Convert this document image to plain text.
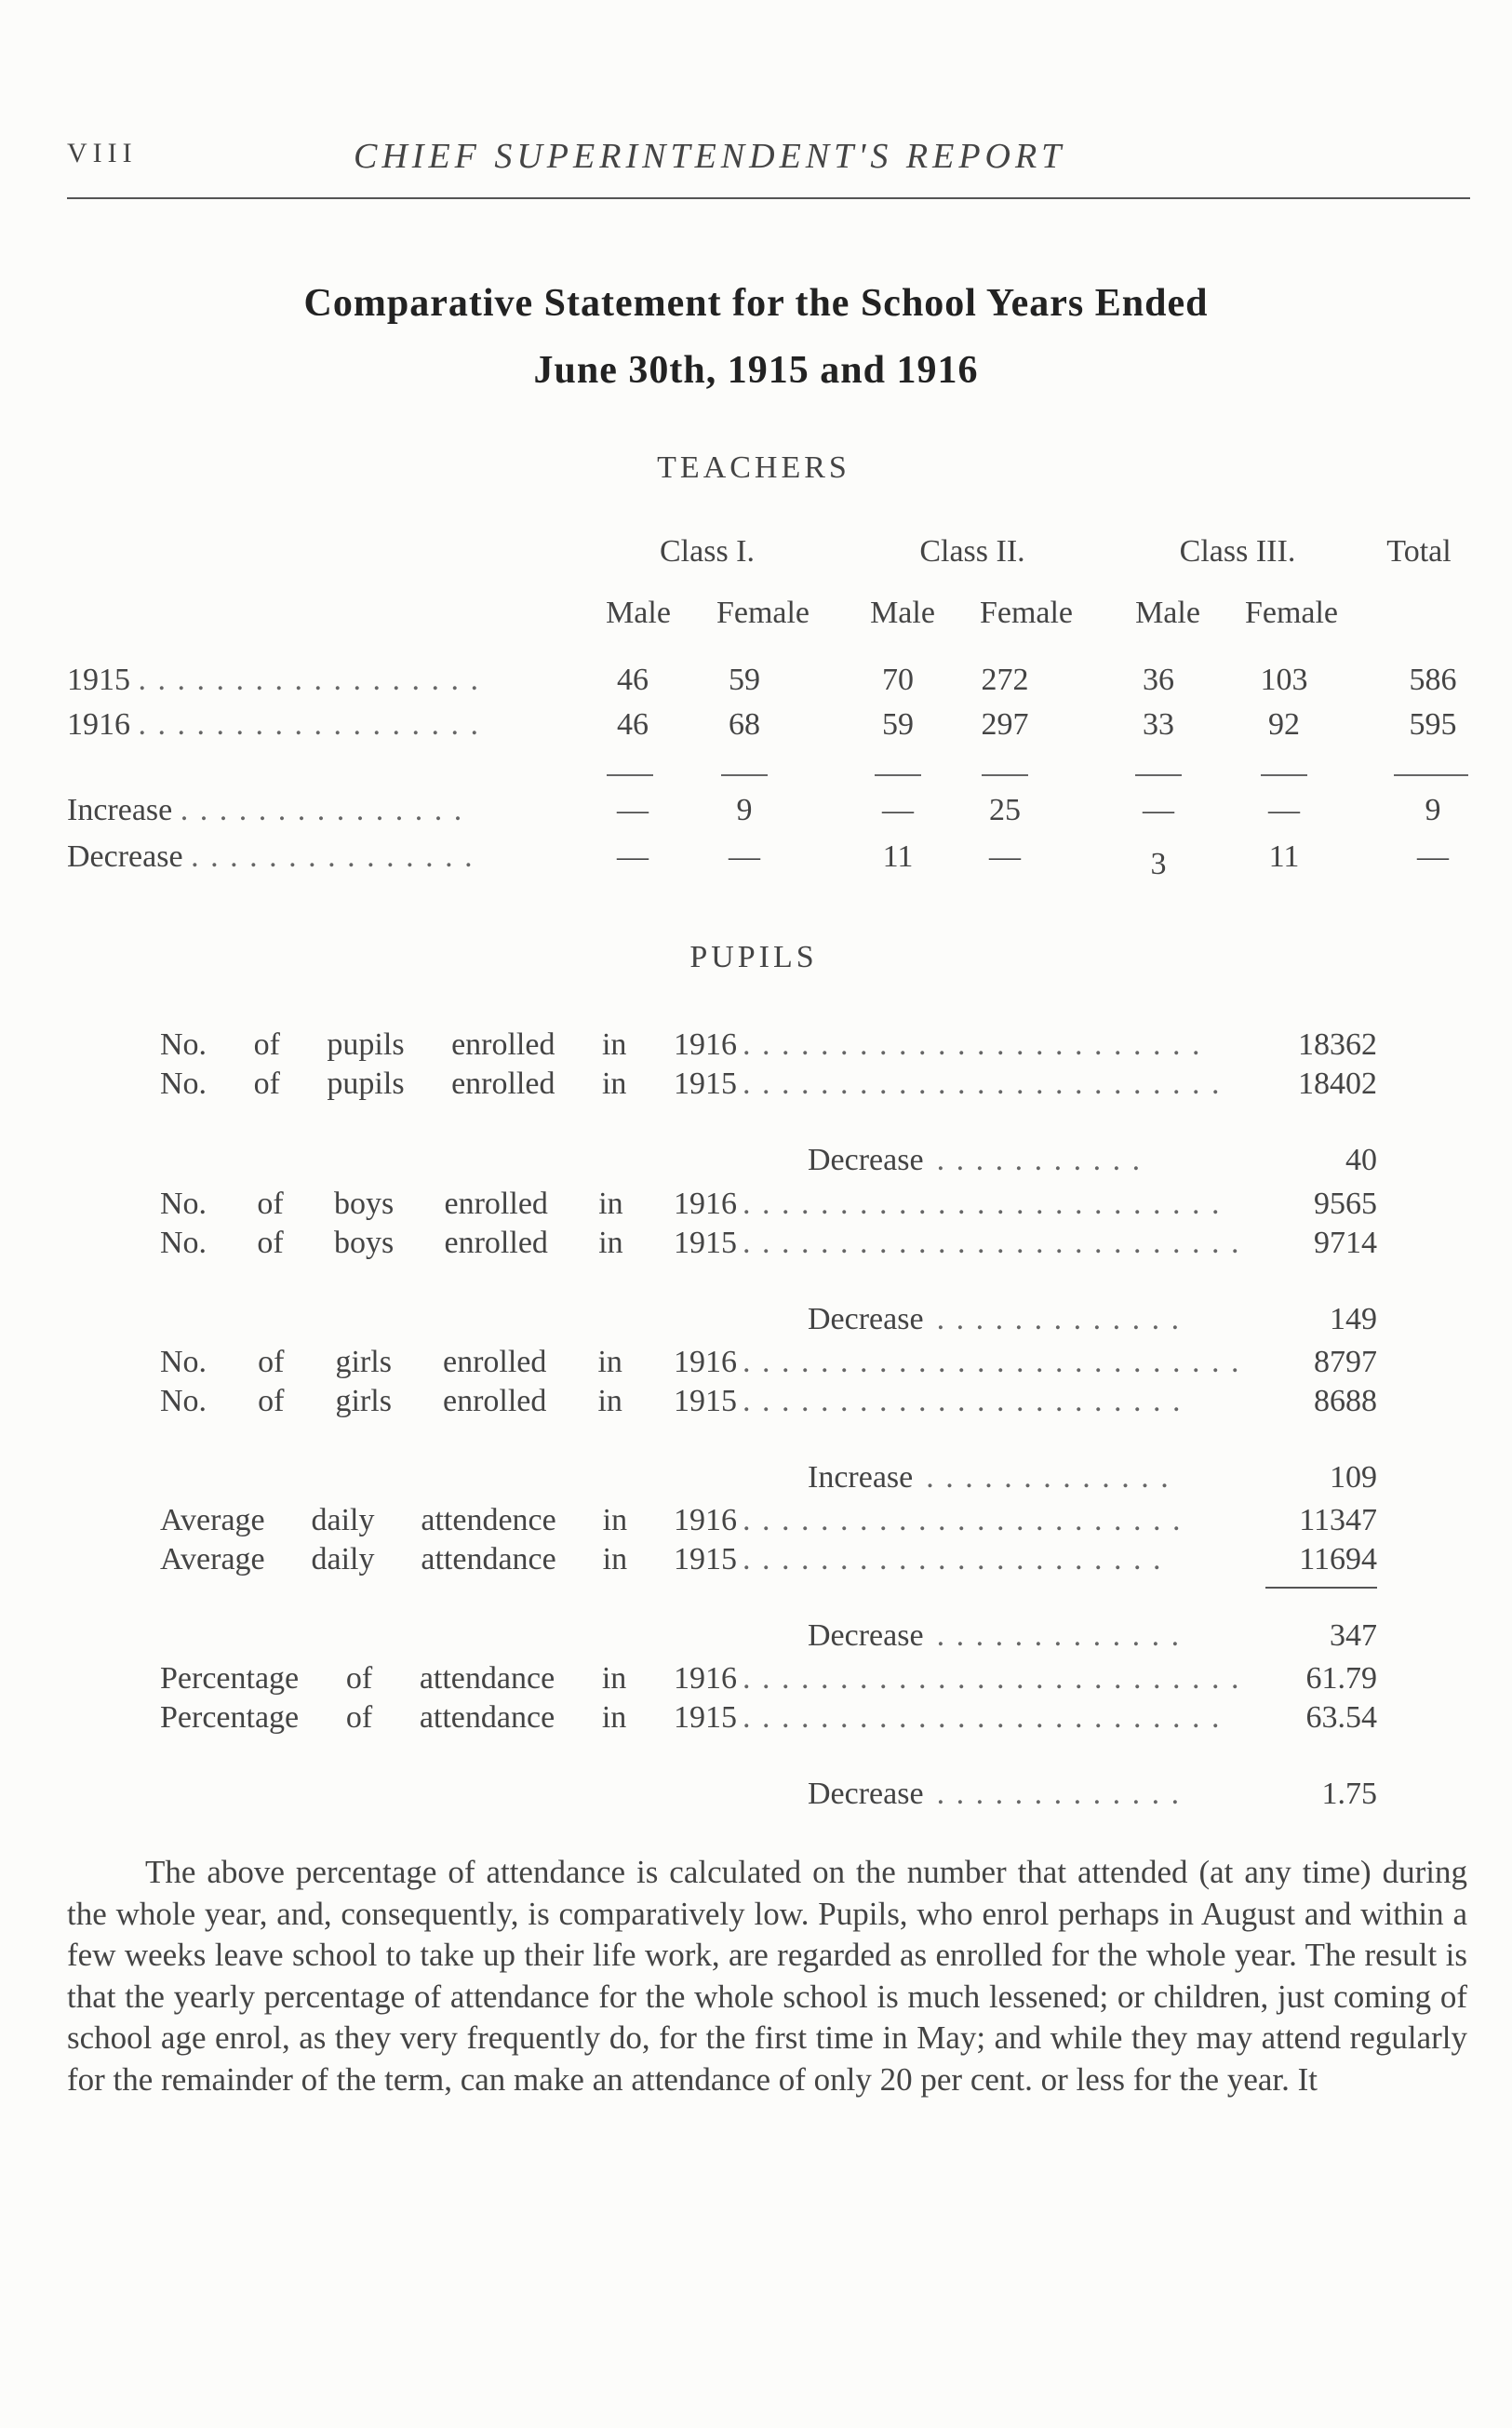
VIII	CHIEF SUPERINTENDENT'S REPORT
Comparative Statement for the School Years Ended
June 30th, 1915 and 1916
TEACHERS
Class I.	Class II.	Class III.	Total
Male	Female	Male	Female	Male	Female
1915 . . . . . . . . . . . . . . . . . .	46	59	70	272	36	103	586
1916 . . . . . . . . . . . . . . . . . .	46	68	59	297	33	92	595
Increase . . . . . . . . . . . . . . .	—	9	—	25	—	—	9
Decrease . . . . . . . . . . . . . . .	—	—	11	—	3	11	—
PUPILS
No. of pupils enrolled in 1916 . . . . . . . . . . . . . . . . . . . . . . . .	18362
No. of pupils enrolled in 1915 . . . . . . . . . . . . . . . . . . . . . . . . .	18402
Decrease . . . . . . . . . . .	40
No. of boys enrolled in 1916 . . . . . . . . . . . . . . . . . . . . . . . . .	9565
No. of boys enrolled in 1915 . . . . . . . . . . . . . . . . . . . . . . . . . .	9714
Decrease . . . . . . . . . . . . .	149
No. of girls enrolled in 1916 . . . . . . . . . . . . . . . . . . . . . . . . . .	8797
No. of girls enrolled in 1915 . . . . . . . . . . . . . . . . . . . . . . .	8688
Increase . . . . . . . . . . . . .	109
Average daily attendence in 1916 . . . . . . . . . . . . . . . . . . . . . . .	11347
Average daily attendance in 1915 . . . . . . . . . . . . . . . . . . . . . .	11694
Decrease . . . . . . . . . . . . .	347
Percentage of attendance in 1916 . . . . . . . . . . . . . . . . . . . . . . . . . .	61.79
Percentage of attendance in 1915 . . . . . . . . . . . . . . . . . . . . . . . . .	63.54
Decrease . . . . . . . . . . . . .	1.75
The above percentage of attendance is calculated on the number that attended (at any time) during the whole year, and, consequently, is comparatively low. Pupils, who enrol perhaps in August and within a few weeks leave school to take up their life work, are regarded as enrolled for the whole year. The result is that the yearly percentage of attendance for the whole school is much lessened; or children, just coming of school age enrol, as they very frequently do, for the first time in May; and while they may attend regularly for the remainder of the term, can make an attendance of only 20 per cent. or less for the year. It
